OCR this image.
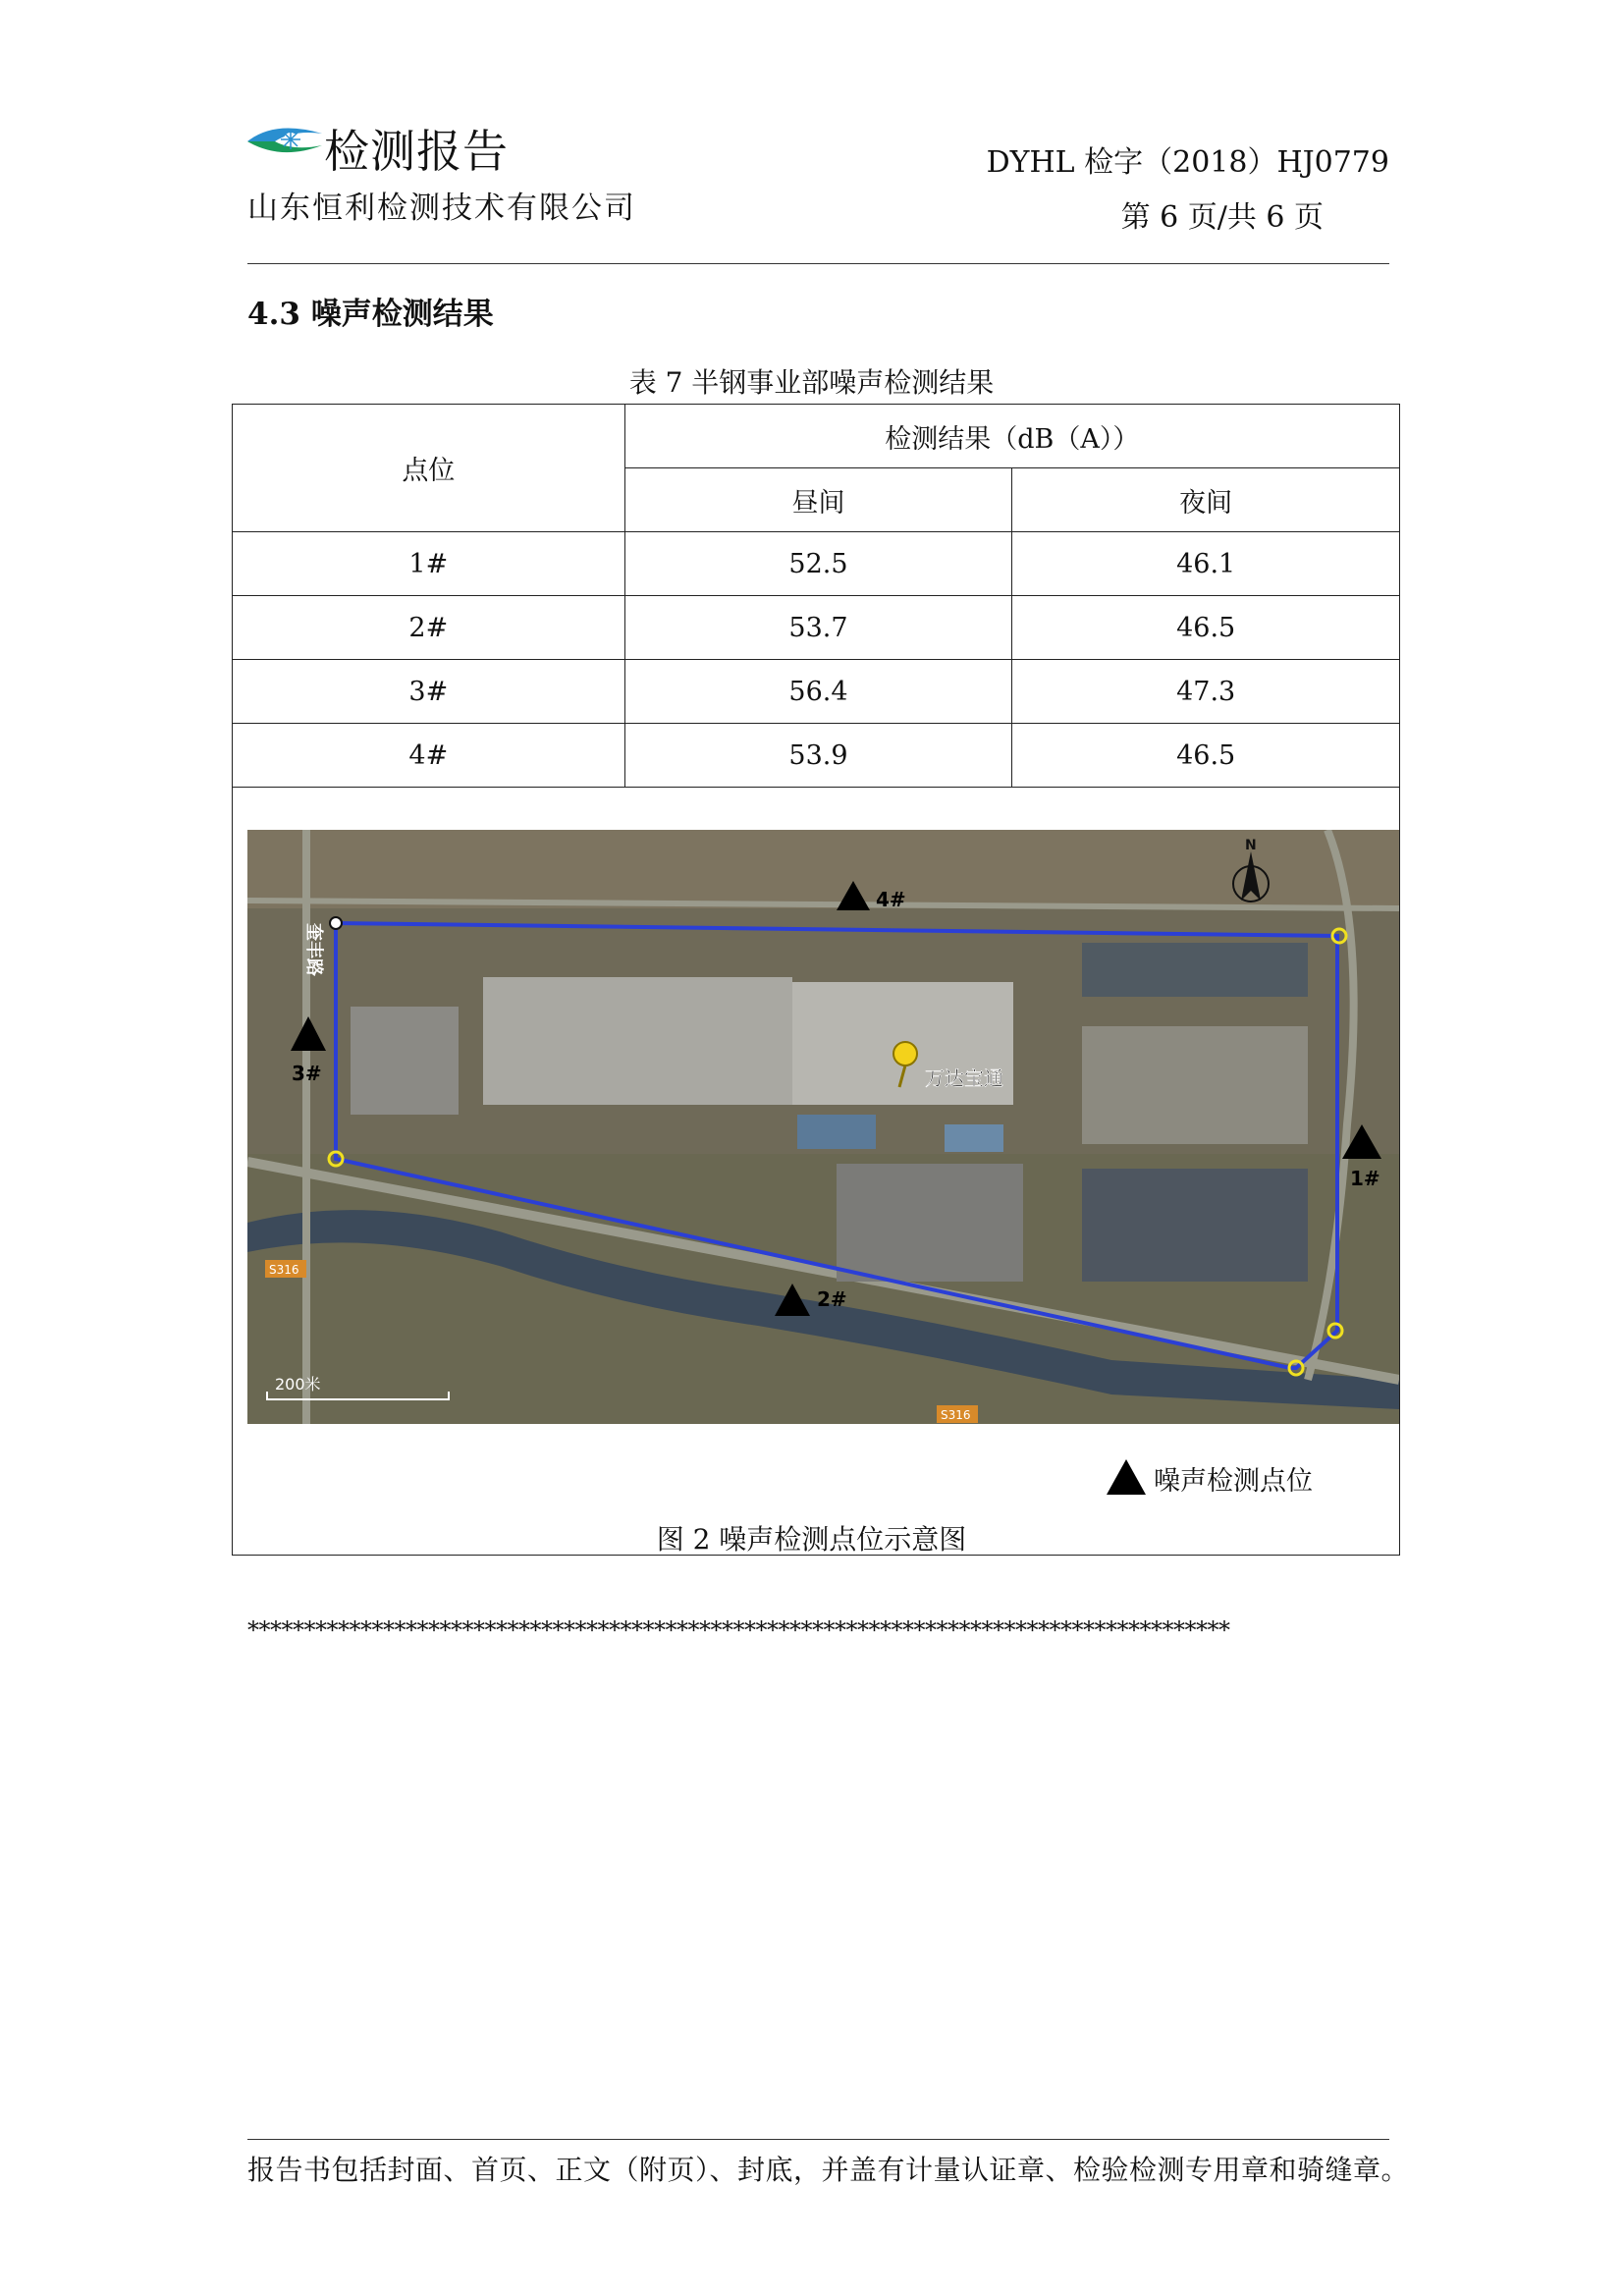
检测报告
山东恒利检测技术有限公司
DYHL 检字（2018）HJ0779
第 6 页/共 6 页
4.3 噪声检测结果
表 7 半钢事业部噪声检测结果
点位	检测结果（dB（A））	
	昼间	夜间
1#	52.5	46.1
2#	53.7	46.5
3#	56.4	47.3
4#	53.9	46.5
4#
1#
2#
3#
奎丰路
万达宝通
S316
S316
200米
N
噪声检测点位
图 2 噪声检测点位示意图
***************************************************************************************
报告书包括封面、首页、正文（附页）、封底，并盖有计量认证章、检验检测专用章和骑缝章。
